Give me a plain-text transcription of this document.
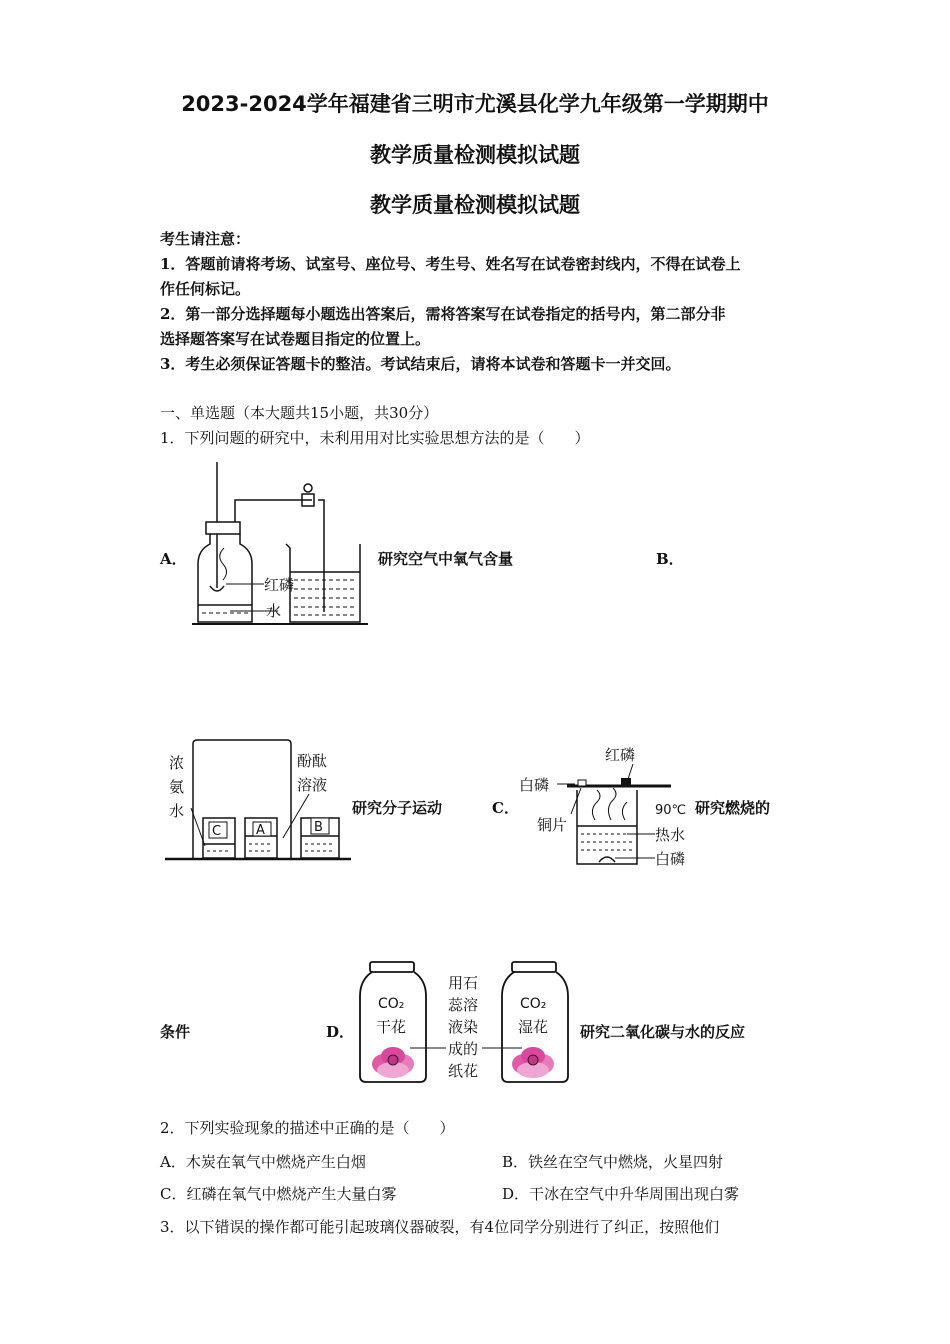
2023-2024学年福建省三明市尤溪县化学九年级第一学期期中
教学质量检测模拟试题
教学质量检测模拟试题
考生请注意：
1．答题前请将考场、试室号、座位号、考生号、姓名写在试卷密封线内，不得在试卷上
作任何标记。
2．第一部分选择题每小题选出答案后，需将答案写在试卷指定的括号内，第二部分非
选择题答案写在试卷题目指定的位置上。
3．考生必须保证答题卡的整洁。考试结束后，请将本试卷和答题卡一并交回。
一、单选题（本大题共15小题，共30分）
1．下列问题的研究中，未利用用对比实验思想方法的是（　　）
A．	研究空气中氧气含量	B．
红磷
水
C	A	B
浓
氨
水
酚酞
溶液
研究分子运动	C．
红磷
白磷
铜片
90℃
热水
白磷
研究燃烧的
条件	D．
CO₂
干花
CO₂
湿花
用石
蕊溶
液染
成的
纸花
研究二氧化碳与水的反应
2．下列实验现象的描述中正确的是（　　）
A．木炭在氧气中燃烧产生白烟	B．铁丝在空气中燃烧，火星四射
C．红磷在氧气中燃烧产生大量白雾	D．干冰在空气中升华周围出现白雾
3．以下错误的操作都可能引起玻璃仪器破裂，有4位同学分别进行了纠正，按照他们
